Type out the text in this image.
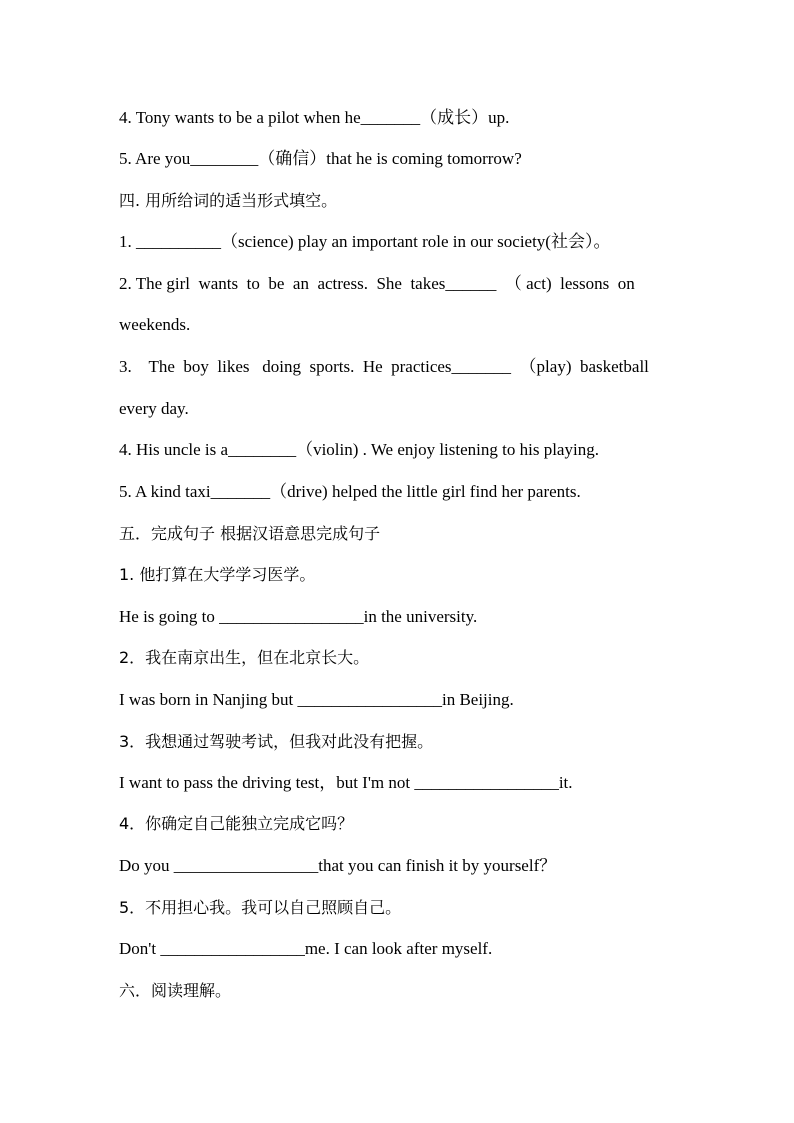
4. Tony wants to be a pilot when he_______（成长）up.
5. Are you________（确信）that he is coming tomorrow?
四. 用所给词的适当形式填空。
1. __________（science) play an important role in our society(社会）。
2. The girl  wants  to  be  an  actress.  She  takes______  （ act)  lessons  on
weekends.
3.    The  boy  likes   doing  sports.  He  practices_______  （play)  basketball
every day.
4. His uncle is a________（violin) . We enjoy listening to his playing.
5. A kind taxi_______（drive) helped the little girl find her parents.
五．完成句子 根据汉语意思完成句子
1. 他打算在大学学习医学。
He is going to _________________in the university.
2．我在南京出生，但在北京长大。
I was born in Nanjing but _________________in Beijing.
3．我想通过驾驶考试，但我对此没有把握。
I want to pass the driving test，but I'm not _________________it.
4．你确定自己能独立完成它吗？
Do you _________________that you can finish it by yourself？
5．不用担心我。我可以自己照顾自己。
Don't _________________me. I can look after myself.
六．阅读理解。
